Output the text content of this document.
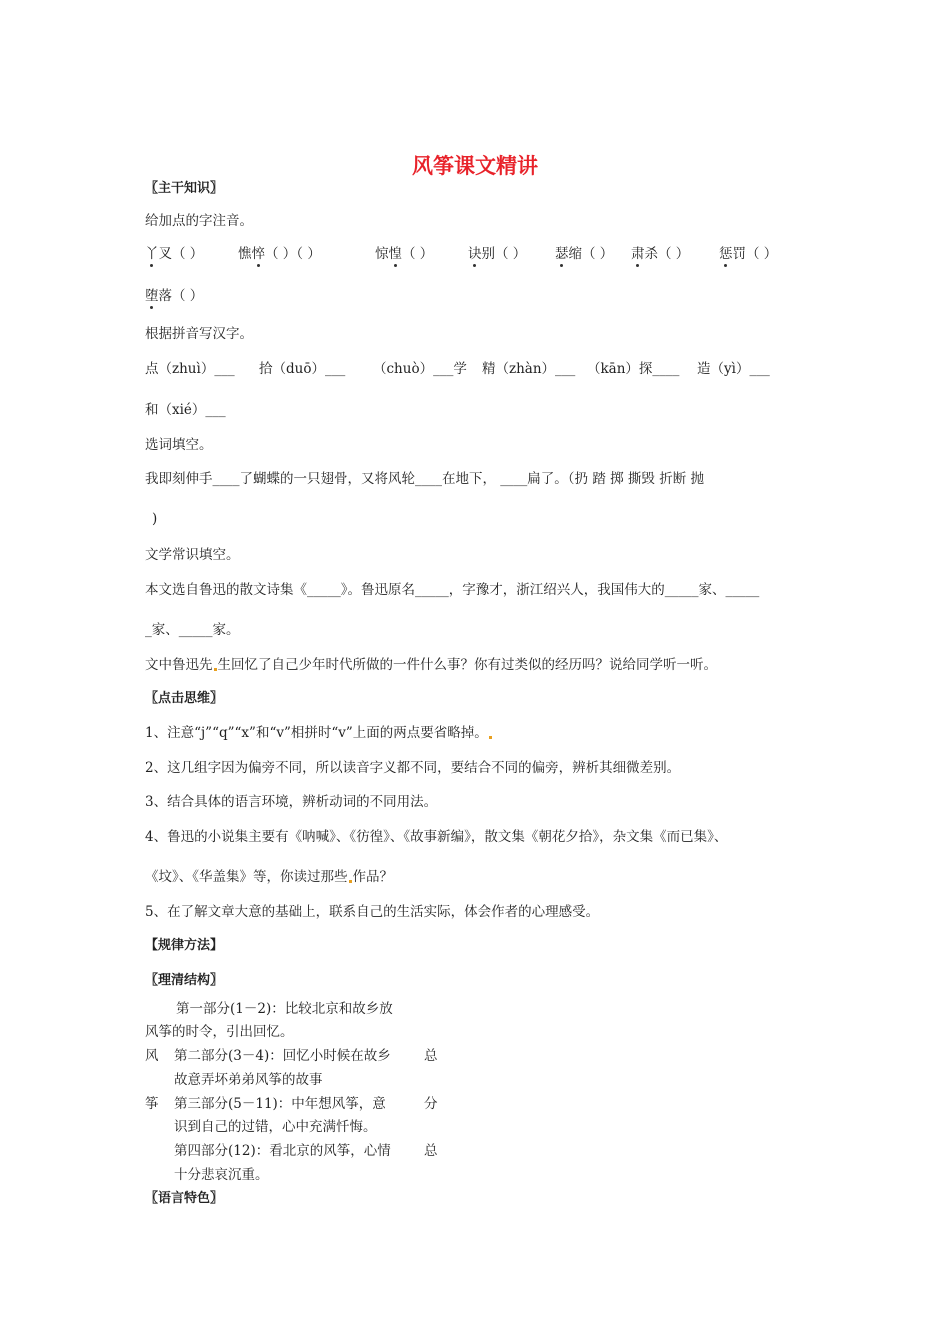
风筝课文精讲
〖主干知识〗
给加点的字注音。
丫叉（ ）	憔悴（ ）（ ）	惊惶（ ）	诀别（ ） 瑟缩（ ） 肃杀（ ） 惩罚（ ）
堕落（ ）
根据拼音写汉字。
点（zhuì）___ 拾（duō）___ （chuò）___学 精（zhàn）___ （kān）探____ 造（yì）___
和（xié）___
选词填空。
我即刻伸手____了蝴蝶的一只翅骨，又将风轮____在地下， ____扁了。（扔 踏 掷 撕毁 折断 抛
)
文学常识填空。
本文选自鲁迅的散文诗集《_____》。鲁迅原名_____，字豫才，浙江绍兴人，我国伟大的_____家、_____
_家、_____家。
文中鲁迅先 生回忆了自己少年时代所做的一件什么事？你有过类似的经历吗？说给同学听一听。
〖点击思维〗
1、注意“j”“q”“x”和“v”相拼时“v”上面的两点要省略掉。
2、这几组字因为偏旁不同，所以读音字义都不同，要结合不同的偏旁，辨析其细微差别。
3、结合具体的语言环境，辨析动词的不同用法。
4、鲁迅的小说集主要有《呐喊》、《彷徨》、《故事新编》，散文集《朝花夕拾》，杂文集《而已集》、
《坟》、《华盖集》等，你读过那些 作品？
5、在了解文章大意的基础上，联系自己的生活实际，体会作者的心理感受。
【规律方法】
〖理清结构〗
第一部分(1－2)：比较北京和故乡放
风筝的时令，引出回忆。
风 第二部分(3－4)：回忆小时候在故乡 总
故意弄坏弟弟风筝的故事
筝 第三部分(5－11)：中年想风筝，意	分
识到自己的过错，心中充满忏悔。
第四部分(12)：看北京的风筝，心情 总
十分悲哀沉重。
〖语言特色〗
